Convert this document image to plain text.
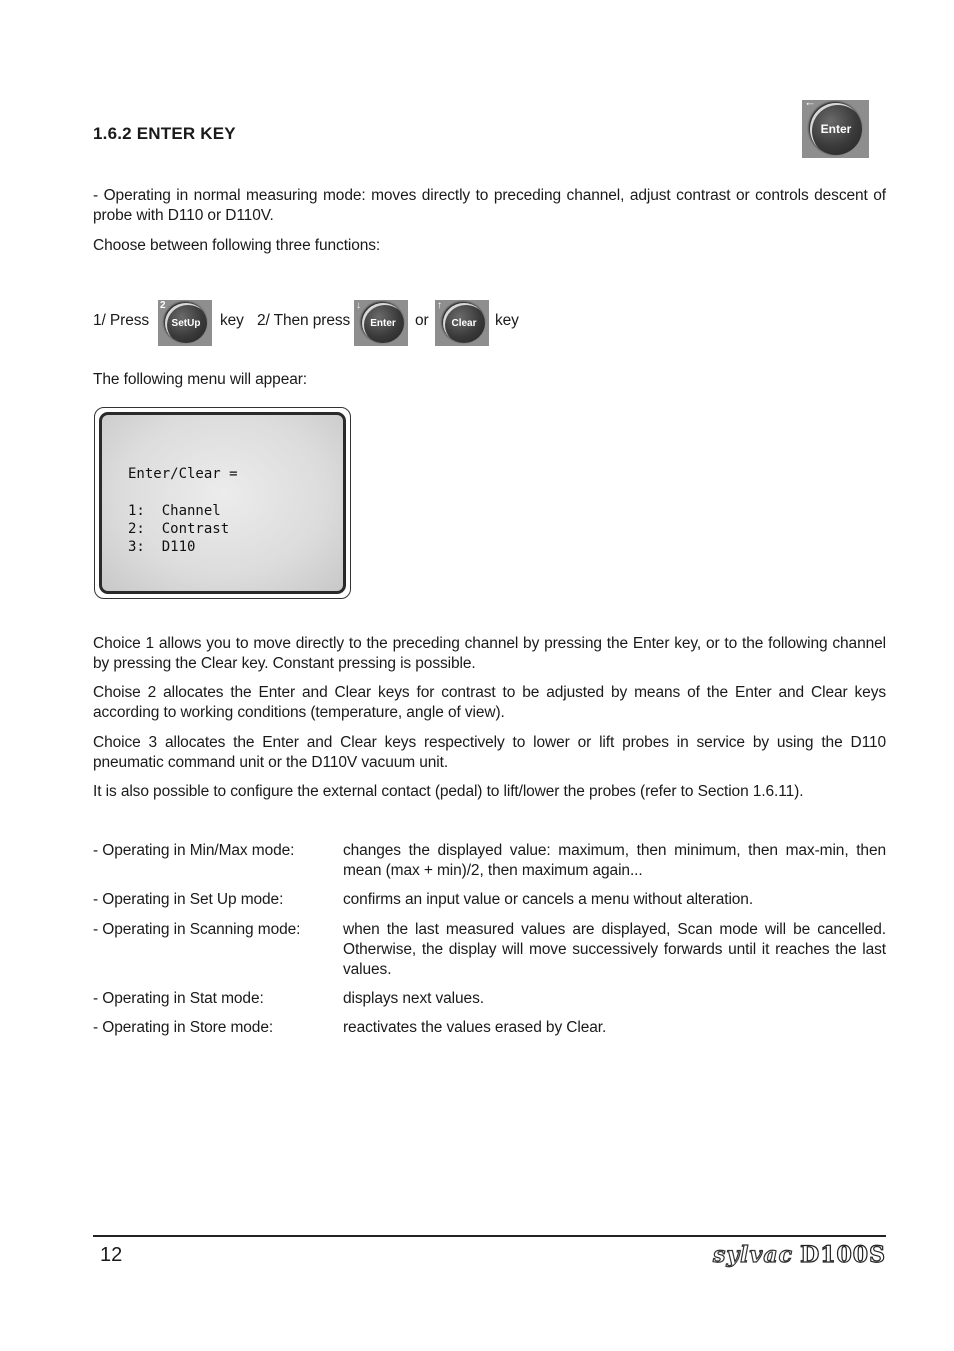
1.6.2 ENTER KEY	Enter
↓
- Operating in normal measuring mode: moves directly to preceding channel, adjust contrast or controls descent of probe with D110 or D110V.
Choose between following three functions:
1/ Press	SetUp
2
key 2/ Then press	Enter
↓
or	Clear
↑
key
The following menu will appear:
Enter/Clear =
1:  Channel
2:  Contrast
3:  D110
Choice 1 allows you to move directly to the preceding channel by pressing the Enter key, or to the following channel by pressing the Clear key. Constant pressing is possible.
Choise 2 allocates the Enter and Clear keys for contrast to be adjusted by means of the Enter and Clear keys according to working conditions (temperature, angle of view).
Choice 3 allocates the Enter and Clear keys respectively to lower or lift probes in service by using the D110 pneumatic command unit or the D110V vacuum unit.
It is also possible to configure the external contact (pedal) to lift/lower the probes (refer to Section 1.6.11).
- Operating in Min/Max mode:	changes the displayed value: maximum, then minimum, then max-min, then mean (max + min)/2, then maximum again...
- Operating in Set Up mode:	confirms an input value or cancels a menu without alteration.
- Operating in Scanning mode:	when the last measured values are displayed, Scan mode will be cancelled. Otherwise, the display will move successively forwards until it reaches the last values.
- Operating in Stat mode:	displays next values.
- Operating in Store mode:	reactivates the values erased by Clear.
12	sylvac D100S
